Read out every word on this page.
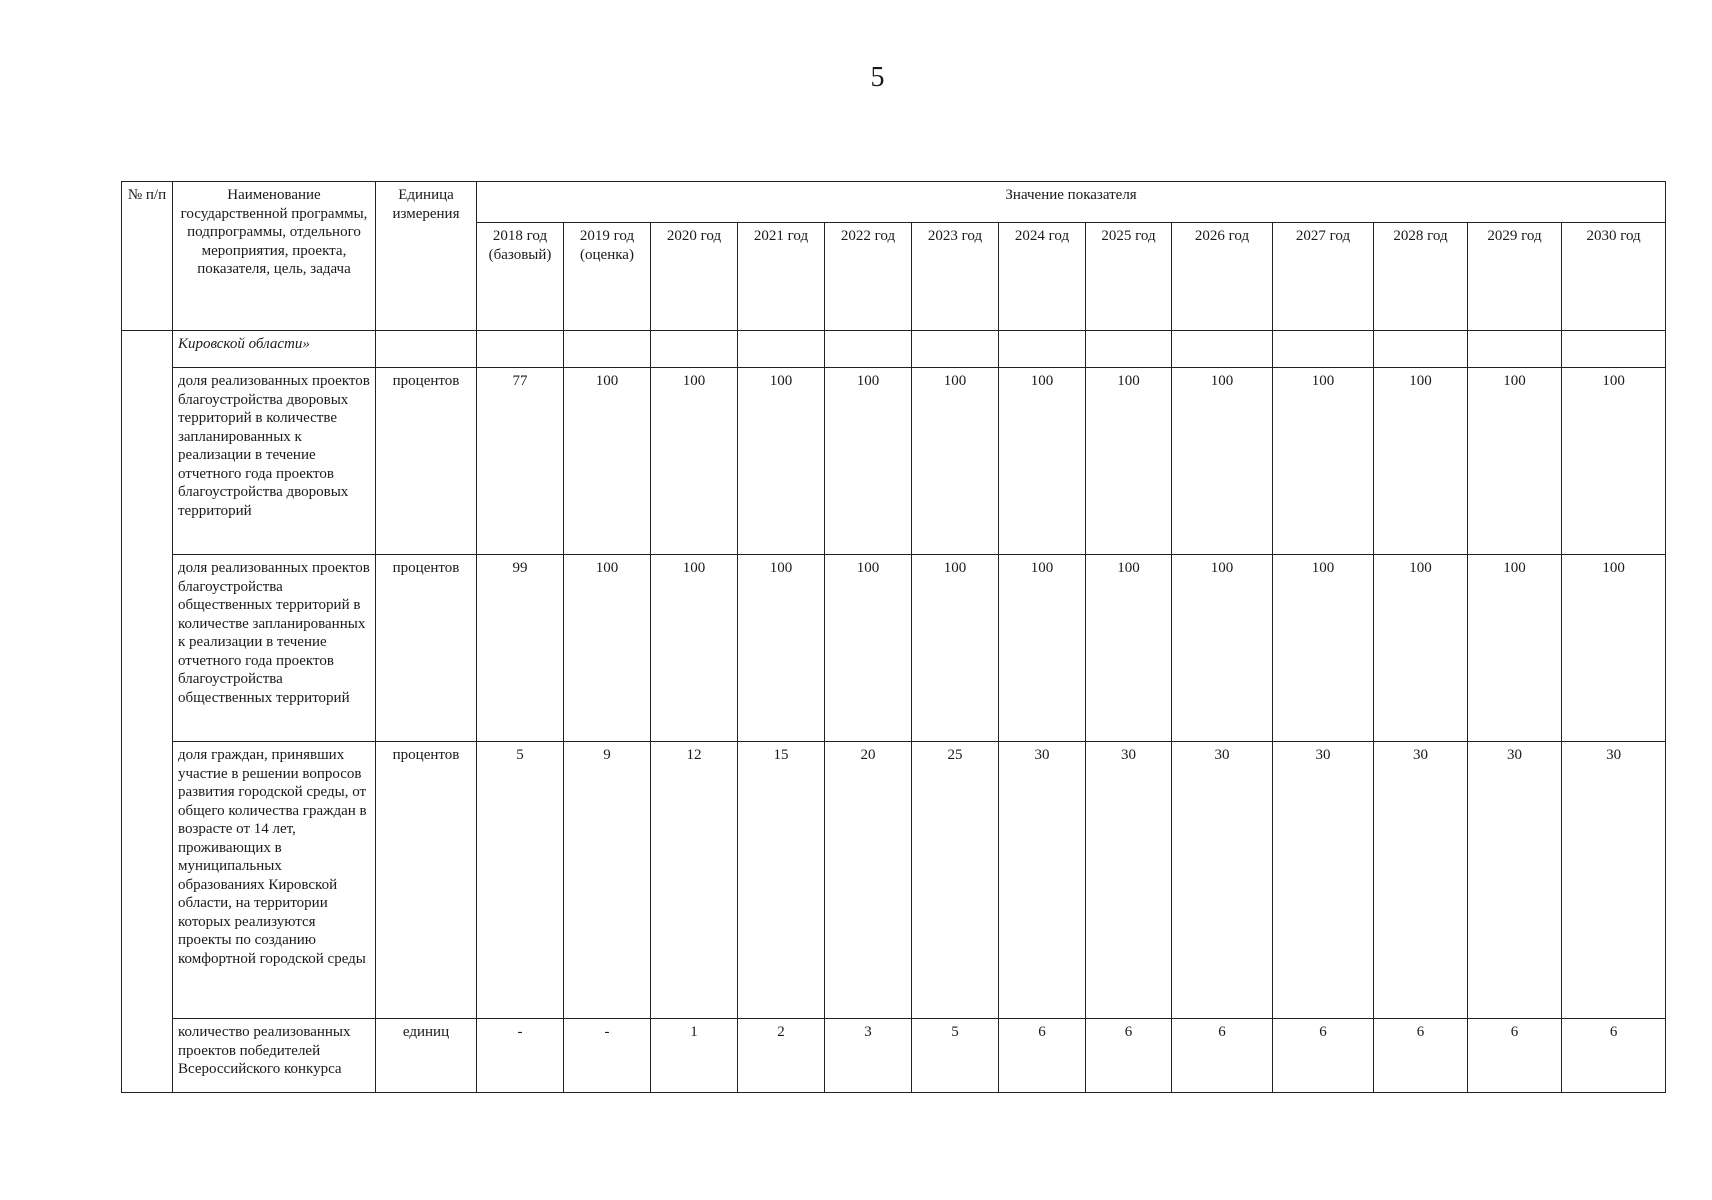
5
№ п/п	Наименование государственной программы, подпрограммы, отдельного мероприятия, проекта, показателя, цель, задача	Единица измерения	Значение показателя												
			2018 год (базовый)	2019 год (оценка)	2020 год	2021 год	2022 год	2023 год	2024 год	2025 год	2026 год	2027 год	2028 год	2029 год	2030 год
	Кировской области»														
	доля реализованных проектов благоустройства дворовых территорий в количестве запланированных к реализации в течение отчетного года проектов благоустройства дворовых территорий	процентов	77	100	100	100	100	100	100	100	100	100	100	100	100
	доля реализованных проектов благоустройства общественных территорий в количестве запланированных к реализации в течение отчетного года проектов благоустройства общественных территорий	процентов	99	100	100	100	100	100	100	100	100	100	100	100	100
	доля граждан, принявших участие в решении вопросов развития городской среды, от общего количества граждан в возрасте от 14 лет, проживающих в муниципальных образованиях Кировской области, на территории которых реализуются проекты по созданию комфортной городской среды	процентов	5	9	12	15	20	25	30	30	30	30	30	30	30
	количество реализованных проектов победителей Всероссийского конкурса	единиц	-	-	1	2	3	5	6	6	6	6	6	6	6
